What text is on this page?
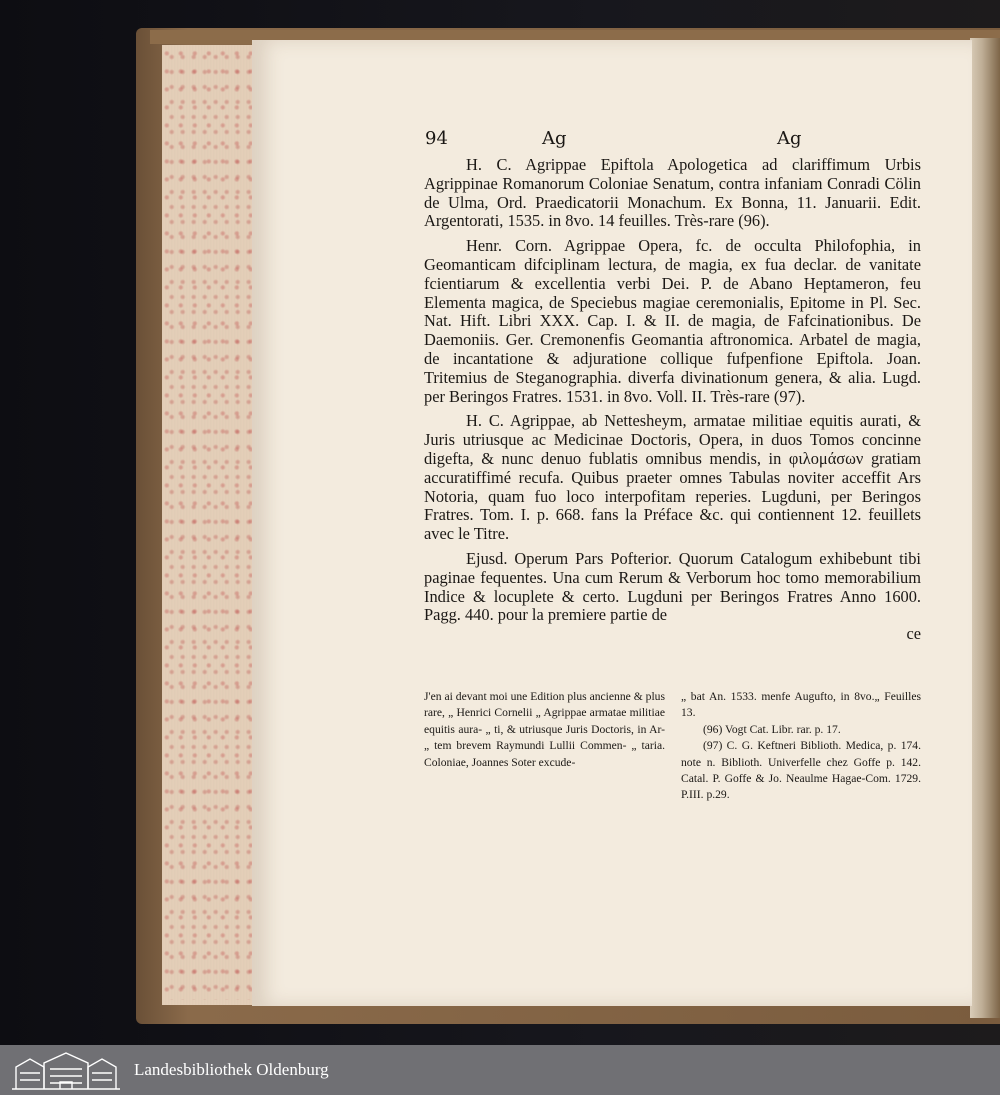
94	Ag	Ag

H. C. Agrippae Epiftola Apologetica ad clariffimum Urbis Agrippinae Romanorum Coloniae Senatum, contra infaniam Conradi Cölin de Ulma, Ord. Praedicatorii Monachum. Ex Bonna, 11. Januarii. Edit. Argentorati, 1535. in 8vo. 14 feuilles. Très-rare (96).

Henr. Corn. Agrippae Opera, fc. de occulta Philofophia, in Geomanticam difciplinam lectura, de magia, ex fua declar. de vanitate fcientiarum & excellentia verbi Dei. P. de Abano Heptameron, feu Elementa magica, de Speciebus magiae ceremonialis, Epitome in Pl. Sec. Nat. Hift. Libri XXX. Cap. I. & II. de magia, de Fafcinationibus. De Daemoniis. Ger. Cremonenfis Geomantia aftronomica. Arbatel de magia, de incantatione & adjuratione collique fufpenfione Epiftola. Joan. Tritemius de Steganographia. diverfa divinationum genera, & alia. Lugd. per Beringos Fratres. 1531. in 8vo. Voll. II. Très-rare (97).

H. C. Agrippae, ab Nettesheym, armatae militiae equitis aurati, & Juris utriusque ac Medicinae Doctoris, Opera, in duos Tomos concinne digefta, & nunc denuo fublatis omnibus mendis, in φιλομάσων gratiam accuratiffimé recufa. Quibus praeter omnes Tabulas noviter acceffit Ars Notoria, quam fuo loco interpofitam reperies. Lugduni, per Beringos Fratres. Tom. I. p. 668. fans la Préface &c. qui contiennent 12. feuillets avec le Titre.

Ejusd. Operum Pars Pofterior. Quorum Catalogum exhibebunt tibi paginae fequentes. Una cum Rerum & Verborum hoc tomo memorabilium Indice & locuplete & certo. Lugduni per Beringos Fratres Anno 1600. Pagg. 440. pour la premiere partie de

ce

J'en ai devant moi une Edition plus ancienne & plus rare, „ Henrici Cornelii „ Agrippae armatae militiae equitis aura- „ ti, & utriusque Juris Doctoris, in Ar- „ tem brevem Raymundi Lullii Commen- „ taria. Coloniae, Joannes Soter excude-

„ bat An. 1533. menfe Augufto, in 8vo.„ Feuilles 13.

(96) Vogt Cat. Libr. rar. p. 17.

(97) C. G. Keftneri Biblioth. Medica, p. 174. note n. Biblioth. Univerfelle chez Goffe p. 142. Catal. P. Goffe & Jo. Neaulme Hagae-Com. 1729. P.III. p.29.

Landesbibliothek Oldenburg
